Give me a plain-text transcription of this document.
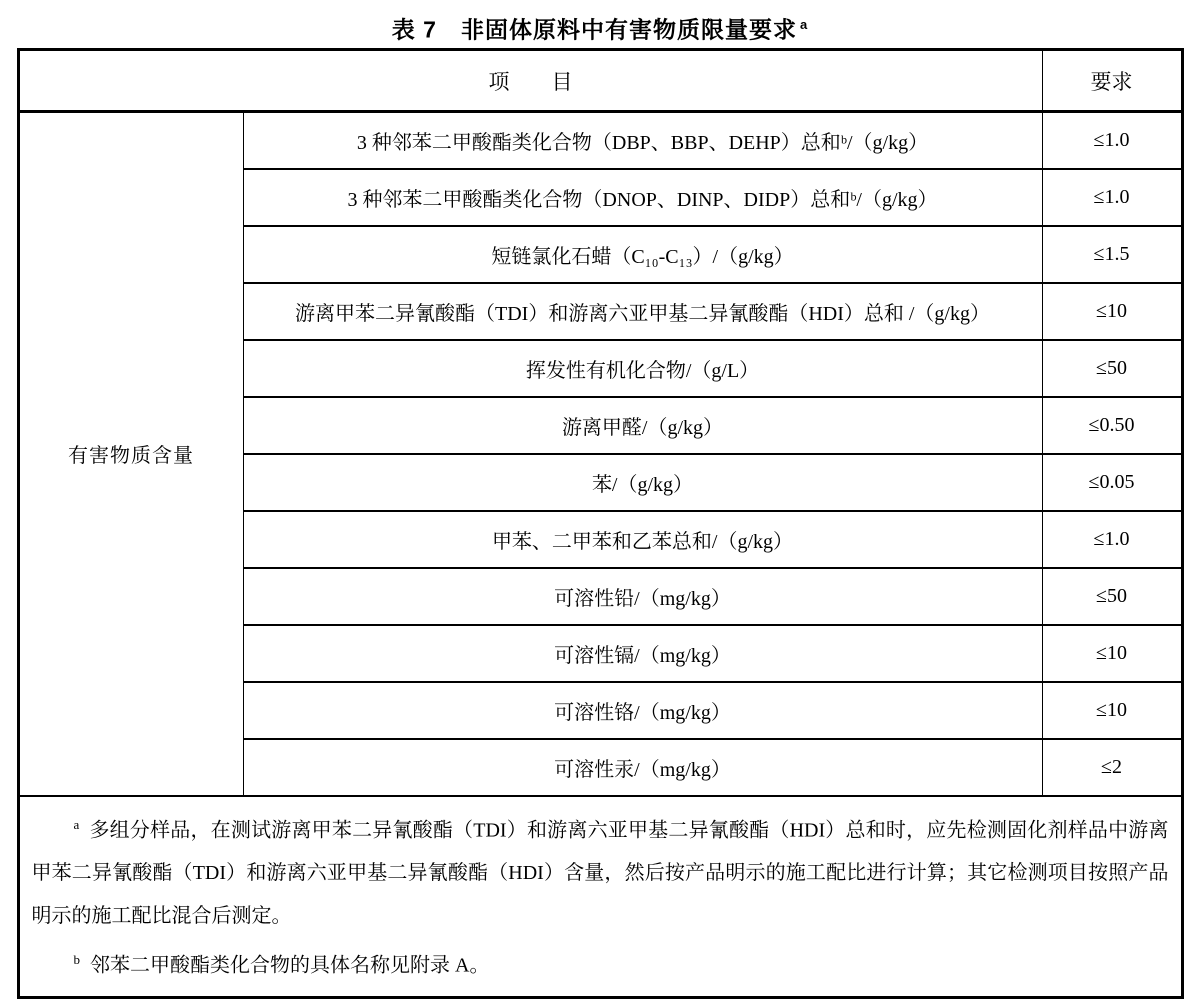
表 7　非固体原料中有害物质限量要求 $^a$
项　　目		要求
有害物质含量	3 种邻苯二甲酸酯类化合物（DBP、BBP、DEHP）总和ᵇ/（g/kg）	≤1.0
	3 种邻苯二甲酸酯类化合物（DNOP、DINP、DIDP）总和ᵇ/（g/kg）	≤1.0
	短链氯化石蜡（C₁₀-C₁₃）/（g/kg）	≤1.5
	游离甲苯二异氰酸酯（TDI）和游离六亚甲基二异氰酸酯（HDI）总和 /（g/kg）	≤10
	挥发性有机化合物/（g/L）	≤50
	游离甲醛/（g/kg）	≤0.50
	苯/（g/kg）	≤0.05
	甲苯、二甲苯和乙苯总和/（g/kg）	≤1.0
	可溶性铅/（mg/kg）	≤50
	可溶性镉/（mg/kg）	≤10
	可溶性铬/（mg/kg）	≤10
	可溶性汞/（mg/kg）	≤2

$^a$ 多组分样品，在测试游离甲苯二异氰酸酯（TDI）和游离六亚甲基二异氰酸酯（HDI）总和时，应先检测固化剂样品中游离甲苯二异氰酸酯（TDI）和游离六亚甲基二异氰酸酯（HDI）含量，然后按产品明示的施工配比进行计算；其它检测项目按照产品明示的施工配比混合后测定。
$^b$ 邻苯二甲酸酯类化合物的具体名称见附录 A。		
